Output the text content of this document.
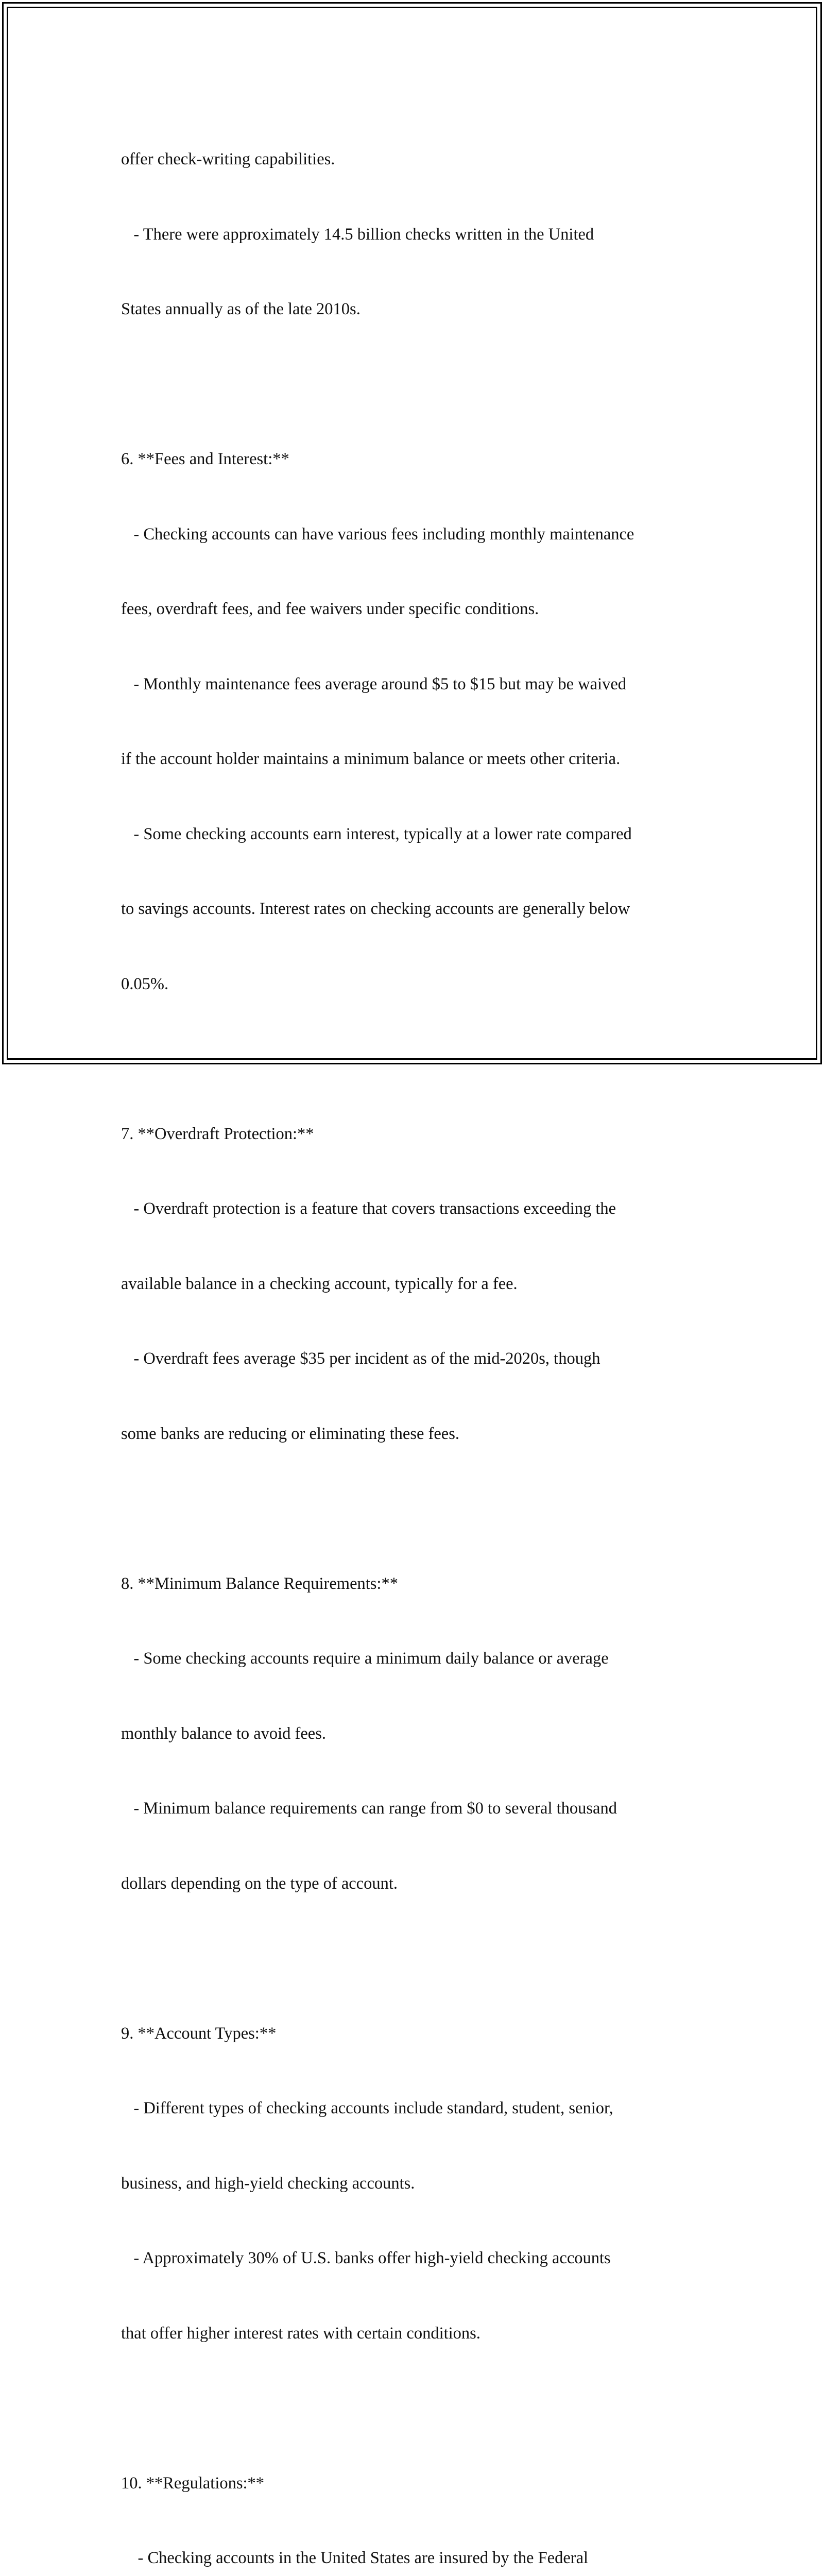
offer check-writing capabilities.

- There were approximately 14.5 billion checks written in the United

States annually as of the late 2010s.

6. **Fees and Interest:**

- Checking accounts can have various fees including monthly maintenance

fees, overdraft fees, and fee waivers under specific conditions.

- Monthly maintenance fees average around $5 to $15 but may be waived

if the account holder maintains a minimum balance or meets other criteria.

- Some checking accounts earn interest, typically at a lower rate compared

to savings accounts. Interest rates on checking accounts are generally below

0.05%.

7. **Overdraft Protection:**

- Overdraft protection is a feature that covers transactions exceeding the

available balance in a checking account, typically for a fee.

- Overdraft fees average $35 per incident as of the mid-2020s, though

some banks are reducing or eliminating these fees.

8. **Minimum Balance Requirements:**

- Some checking accounts require a minimum daily balance or average

monthly balance to avoid fees.

- Minimum balance requirements can range from $0 to several thousand

dollars depending on the type of account.

9. **Account Types:**

- Different types of checking accounts include standard, student, senior,

business, and high-yield checking accounts.

- Approximately 30% of U.S. banks offer high-yield checking accounts

that offer higher interest rates with certain conditions.

10. **Regulations:**

- Checking accounts in the United States are insured by the Federal
